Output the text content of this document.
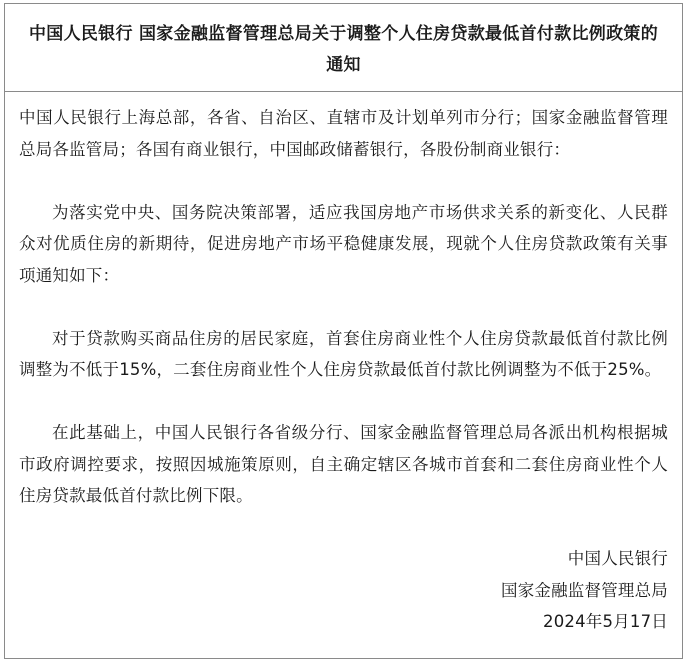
中国人民银行 国家金融监督管理总局关于调整个人住房贷款最低首付款比例政策的通知

中国人民银行上海总部，各省、自治区、直辖市及计划单列市分行；国家金融监督管理总局各监管局；各国有商业银行，中国邮政储蓄银行，各股份制商业银行：

为落实党中央、国务院决策部署，适应我国房地产市场供求关系的新变化、人民群众对优质住房的新期待，促进房地产市场平稳健康发展，现就个人住房贷款政策有关事项通知如下：

对于贷款购买商品住房的居民家庭，首套住房商业性个人住房贷款最低首付款比例调整为不低于15%，二套住房商业性个人住房贷款最低首付款比例调整为不低于25%。

在此基础上，中国人民银行各省级分行、国家金融监督管理总局各派出机构根据城市政府调控要求，按照因城施策原则，自主确定辖区各城市首套和二套住房商业性个人住房贷款最低首付款比例下限。

中国人民银行
国家金融监督管理总局
2024年5月17日
